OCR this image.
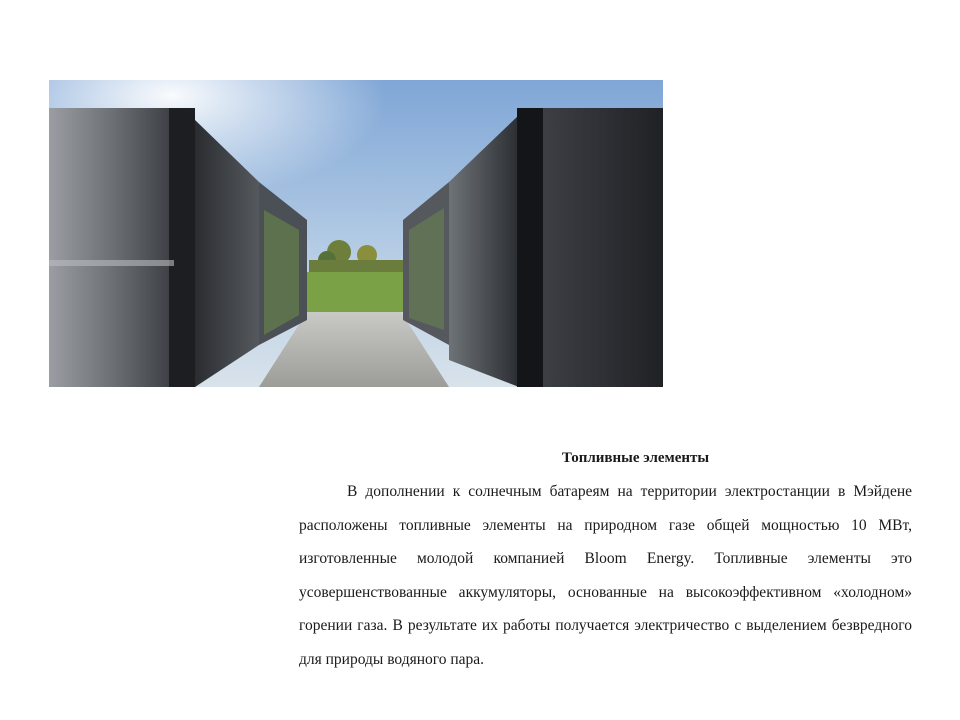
Топливные элементы

В дополнении к солнечным батареям на территории электростанции в Мэйдене расположены топливные элементы на природном газе общей мощностью 10 МВт, изготовленные молодой компанией Bloom Energy. Топливные элементы это усовершенствованные аккумуляторы, основанные на высокоэффективном «холодном» горении газа. В результате их работы получается электричество с выделением безвредного для природы водяного пара.
